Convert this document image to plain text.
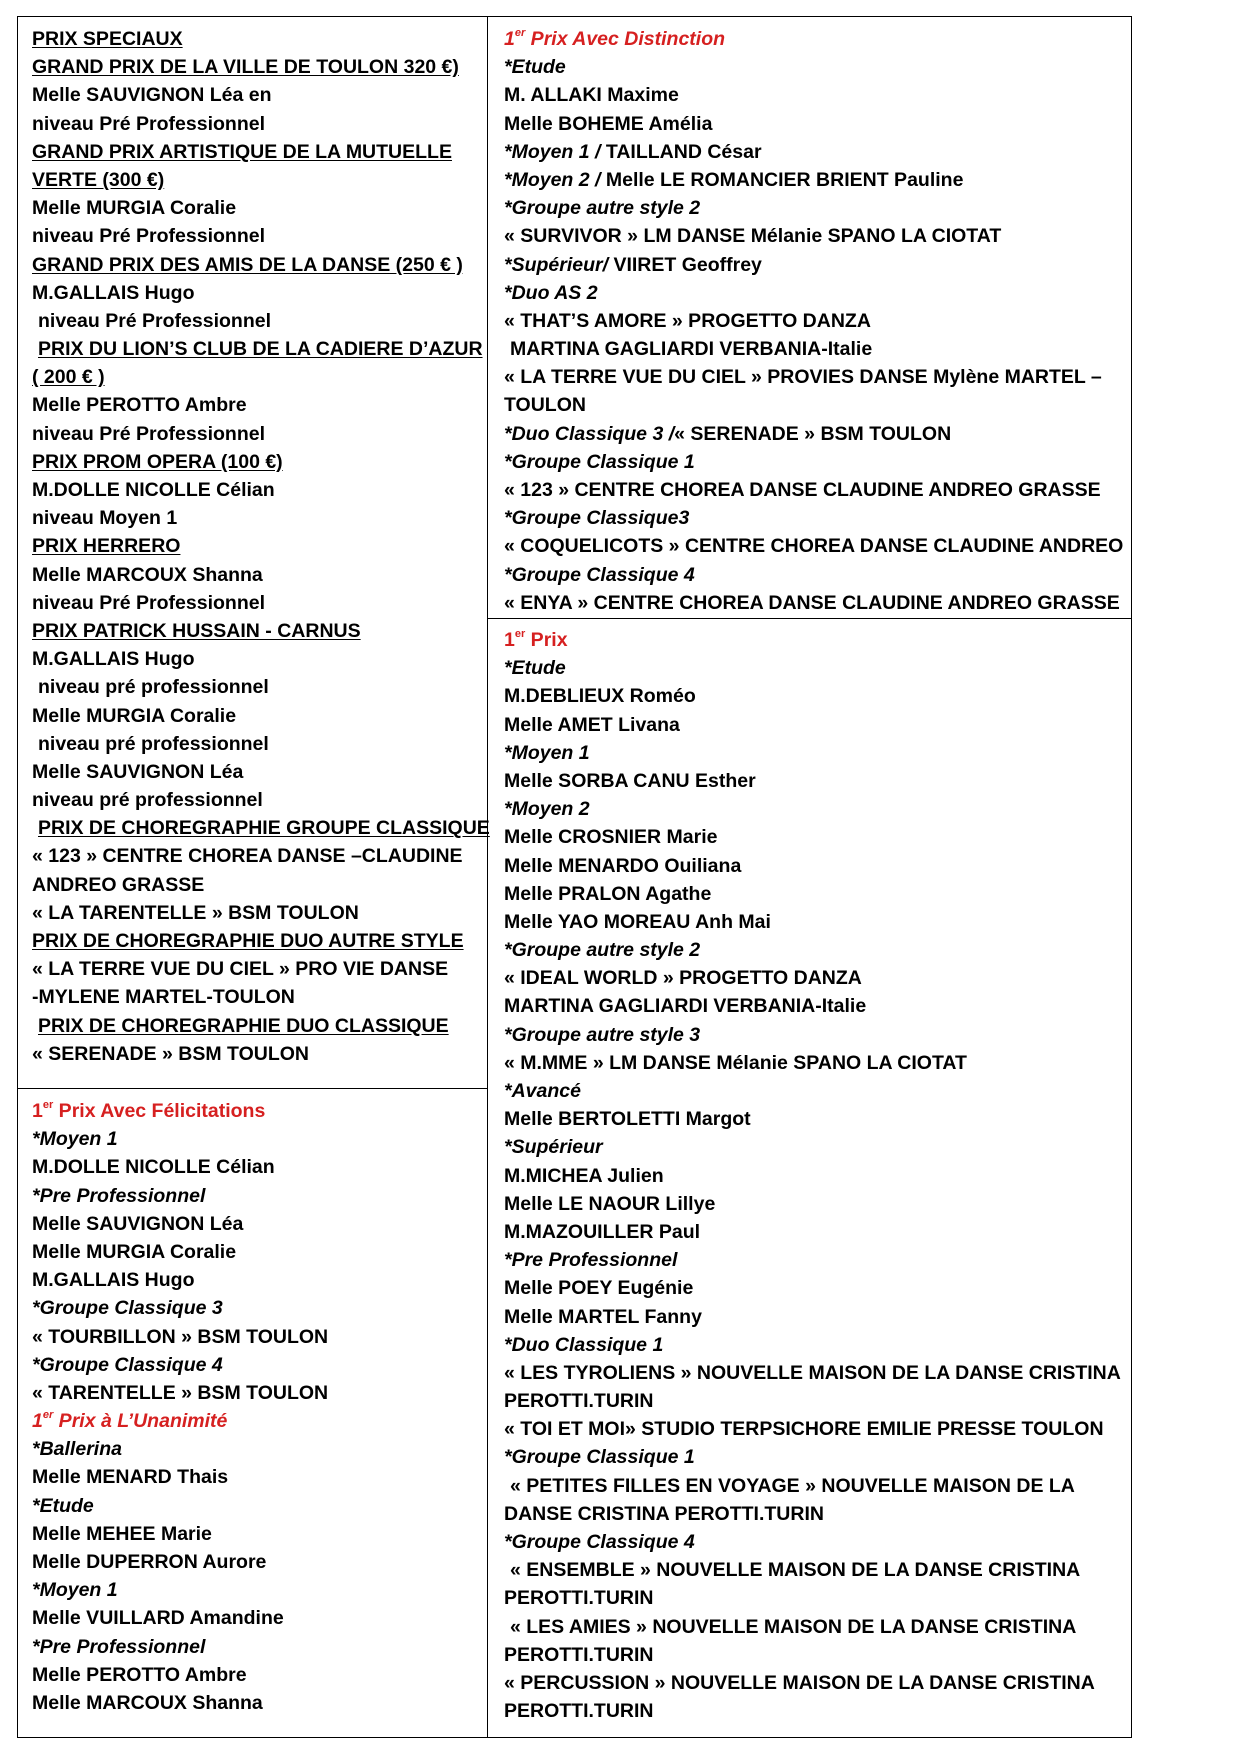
PRIX SPECIAUX
GRAND PRIX DE LA VILLE DE TOULON 320 €)
Melle SAUVIGNON Léa en
niveau Pré Professionnel
GRAND PRIX ARTISTIQUE DE LA MUTUELLE
VERTE (300 €)
Melle MURGIA Coralie
niveau Pré Professionnel
GRAND PRIX DES AMIS DE LA DANSE (250 € )
M.GALLAIS Hugo
niveau Pré Professionnel
PRIX DU LION’S CLUB DE LA CADIERE D’AZUR
( 200 € )
Melle PEROTTO Ambre
niveau Pré Professionnel
PRIX PROM OPERA (100 €)
M.DOLLE NICOLLE Célian
niveau Moyen 1
PRIX HERRERO
Melle MARCOUX Shanna
niveau Pré Professionnel
PRIX PATRICK HUSSAIN - CARNUS
M.GALLAIS Hugo
niveau pré professionnel
Melle MURGIA Coralie
niveau pré professionnel
Melle SAUVIGNON Léa
niveau pré professionnel
PRIX DE CHOREGRAPHIE GROUPE CLASSIQUE
« 123 » CENTRE CHOREA DANSE –CLAUDINE
ANDREO GRASSE
« LA TARENTELLE » BSM TOULON
PRIX DE CHOREGRAPHIE DUO AUTRE STYLE
« LA TERRE VUE DU CIEL » PRO VIE DANSE
-MYLENE MARTEL-TOULON
PRIX DE CHOREGRAPHIE DUO CLASSIQUE
« SERENADE » BSM TOULON
1er Prix Avec Félicitations
*Moyen 1
M.DOLLE NICOLLE Célian
*Pre Professionnel
Melle SAUVIGNON Léa
Melle MURGIA Coralie
M.GALLAIS Hugo
*Groupe Classique 3
« TOURBILLON » BSM TOULON
*Groupe Classique 4
« TARENTELLE » BSM TOULON
1er Prix à L’Unanimité
*Ballerina
Melle MENARD Thais
*Etude
Melle MEHEE Marie
Melle DUPERRON Aurore
*Moyen 1
Melle VUILLARD Amandine
*Pre Professionnel
Melle PEROTTO Ambre
Melle MARCOUX Shanna
1er Prix Avec Distinction
*Etude
M. ALLAKI Maxime
Melle BOHEME Amélia
*Moyen 1 / TAILLAND César
*Moyen 2 / Melle LE ROMANCIER BRIENT Pauline
*Groupe autre style 2
« SURVIVOR » LM DANSE Mélanie SPANO LA CIOTAT
*Supérieur/ VIIRET Geoffrey
*Duo AS 2
« THAT’S AMORE » PROGETTO DANZA
MARTINA GAGLIARDI VERBANIA-Italie
« LA TERRE VUE DU CIEL » PROVIES DANSE Mylène MARTEL –
TOULON
*Duo Classique 3 /« SERENADE » BSM TOULON
*Groupe Classique 1
« 123 » CENTRE CHOREA DANSE CLAUDINE ANDREO GRASSE
*Groupe Classique3
« COQUELICOTS » CENTRE CHOREA DANSE CLAUDINE ANDREO
*Groupe Classique 4
« ENYA » CENTRE CHOREA DANSE CLAUDINE ANDREO GRASSE
1er Prix
*Etude
M.DEBLIEUX Roméo
Melle AMET Livana
*Moyen 1
Melle SORBA CANU Esther
*Moyen 2
Melle CROSNIER Marie
Melle MENARDO Ouiliana
Melle PRALON Agathe
Melle YAO MOREAU Anh Mai
*Groupe autre style 2
« IDEAL WORLD » PROGETTO DANZA
MARTINA GAGLIARDI VERBANIA-Italie
*Groupe autre style 3
« M.MME » LM DANSE Mélanie SPANO LA CIOTAT
*Avancé
Melle BERTOLETTI Margot
*Supérieur
M.MICHEA Julien
Melle LE NAOUR Lillye
M.MAZOUILLER Paul
*Pre Professionnel
Melle POEY Eugénie
Melle MARTEL Fanny
*Duo Classique 1
« LES TYROLIENS » NOUVELLE MAISON DE LA DANSE CRISTINA
PEROTTI.TURIN
« TOI ET MOI» STUDIO TERPSICHORE EMILIE PRESSE TOULON
*Groupe Classique 1
« PETITES FILLES EN VOYAGE » NOUVELLE MAISON DE LA
DANSE CRISTINA PEROTTI.TURIN
*Groupe Classique 4
« ENSEMBLE » NOUVELLE MAISON DE LA DANSE CRISTINA
PEROTTI.TURIN
« LES AMIES » NOUVELLE MAISON DE LA DANSE CRISTINA
PEROTTI.TURIN
« PERCUSSION » NOUVELLE MAISON DE LA DANSE CRISTINA
PEROTTI.TURIN
